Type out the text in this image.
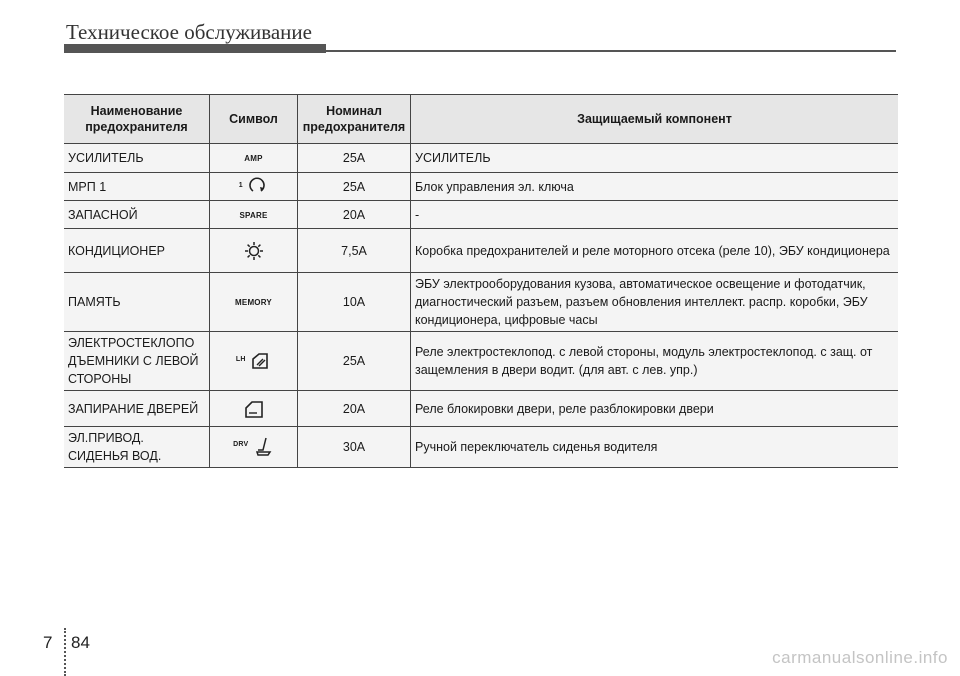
Техническое обслуживание
Наименование предохранителя	Символ	Номинал предохранителя	Защищаемый компонент
УСИЛИТЕЛЬ	AMP	25A	УСИЛИТЕЛЬ
МРП 1	$^1$	25A	Блок управления эл. ключа
ЗАПАСНОЙ	SPARE	20A	-
КОНДИЦИОНЕР		7,5A	Коробка предохранителей и реле моторного отсека (реле 10), ЭБУ кондиционера
ПАМЯТЬ	MEMORY	10A	ЭБУ электрооборудования кузова, автоматическое освещение и фотодатчик, диагностический разъем, разъем обновления интеллект. распр. коробки, ЭБУ кондиционера, цифровые часы
ЭЛЕКТРОСТЕКЛОПО ДЪЕМНИКИ С ЛЕВОЙ СТОРОНЫ	$^{LH}$	25A	Реле электростеклопод. с левой стороны, модуль электростеклопод. с защ. от защемления в двери водит. (для авт. с лев. упр.)
ЗАПИРАНИЕ ДВЕРЕЙ		20A	Реле блокировки двери, реле разблокировки двери
ЭЛ.ПРИВОД. СИДЕНЬЯ ВОД.	$^{DRV}$	30A	Ручной переключатель сиденья водителя
7 84
carmanualsonline.info
